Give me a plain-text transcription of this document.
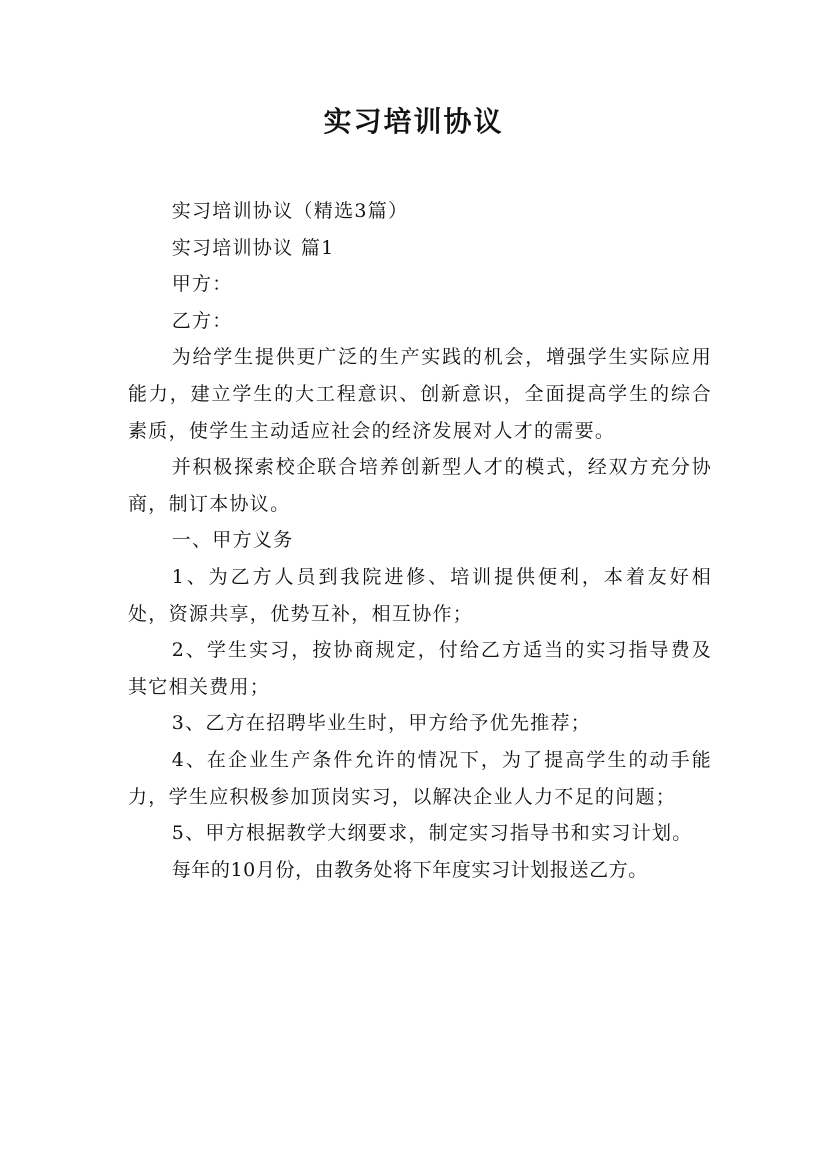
实习培训协议

实习培训协议（精选3篇）

实习培训协议 篇1

甲方：

乙方：

为给学生提供更广泛的生产实践的机会，增强学生实际应用能力，建立学生的大工程意识、创新意识，全面提高学生的综合素质，使学生主动适应社会的经济发展对人才的需要。

并积极探索校企联合培养创新型人才的模式，经双方充分协商，制订本协议。

一、甲方义务

1、为乙方人员到我院进修、培训提供便利，本着友好相处，资源共享，优势互补，相互协作；

2、学生实习，按协商规定，付给乙方适当的实习指导费及其它相关费用；

3、乙方在招聘毕业生时，甲方给予优先推荐；

4、在企业生产条件允许的情况下，为了提高学生的动手能力，学生应积极参加顶岗实习，以解决企业人力不足的问题；

5、甲方根据教学大纲要求，制定实习指导书和实习计划。

每年的10月份，由教务处将下年度实习计划报送乙方。
